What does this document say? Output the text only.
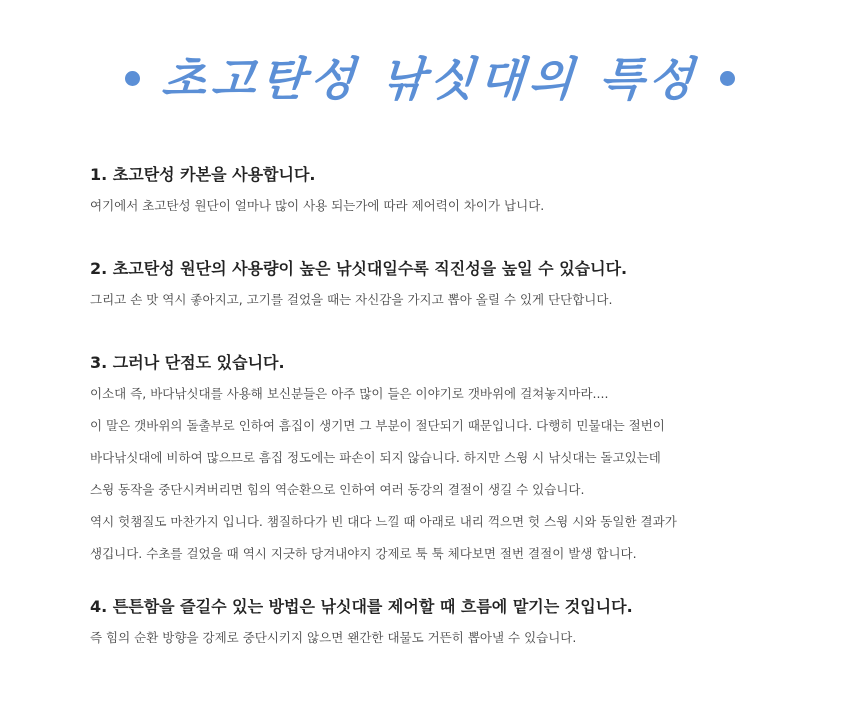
초고탄성 낚싯대의 특성
1. 초고탄성 카본을 사용합니다.
여기에서 초고탄성 원단이 얼마나 많이 사용 되는가에 따라 제어력이 차이가 납니다.
2. 초고탄성 원단의 사용량이 높은 낚싯대일수록 직진성을 높일 수 있습니다.
그리고 손 맛 역시 좋아지고, 고기를 걸었을 때는 자신감을 가지고 뽑아 올릴 수 있게 단단합니다.
3. 그러나 단점도 있습니다.
이소대 즉, 바다낚싯대를 사용해 보신분들은 아주 많이 들은 이야기로 갯바위에 걸쳐놓지마라....
이 말은 갯바위의 돌출부로 인하여 흠집이 생기면 그 부분이 절단되기 때문입니다. 다행히 민물대는 절번이
바다낚싯대에 비하여 많으므로 흠집 정도에는 파손이 되지 않습니다. 하지만 스윙 시 낚싯대는 돌고있는데
스윙 동작을 중단시켜버리면 힘의 역순환으로 인하여 여러 동강의 결절이 생길 수 있습니다.
역시 헛챔질도 마찬가지 입니다. 챔질하다가 빈 대다 느낄 때 아래로 내리 꺽으면 헛 스윙 시와 동일한 결과가
생깁니다. 수초를 걸었을 때 역시 지긋하 당겨내야지 강제로 툭 툭 체다보면 절번 결절이 발생 합니다.
4. 튼튼함을 즐길수 있는 방법은 낚싯대를 제어할 때 흐름에 맡기는 것입니다.
즉 힘의 순환 방향을 강제로 중단시키지 않으면 왠간한 대물도 거뜬히 뽑아낼 수 있습니다.
